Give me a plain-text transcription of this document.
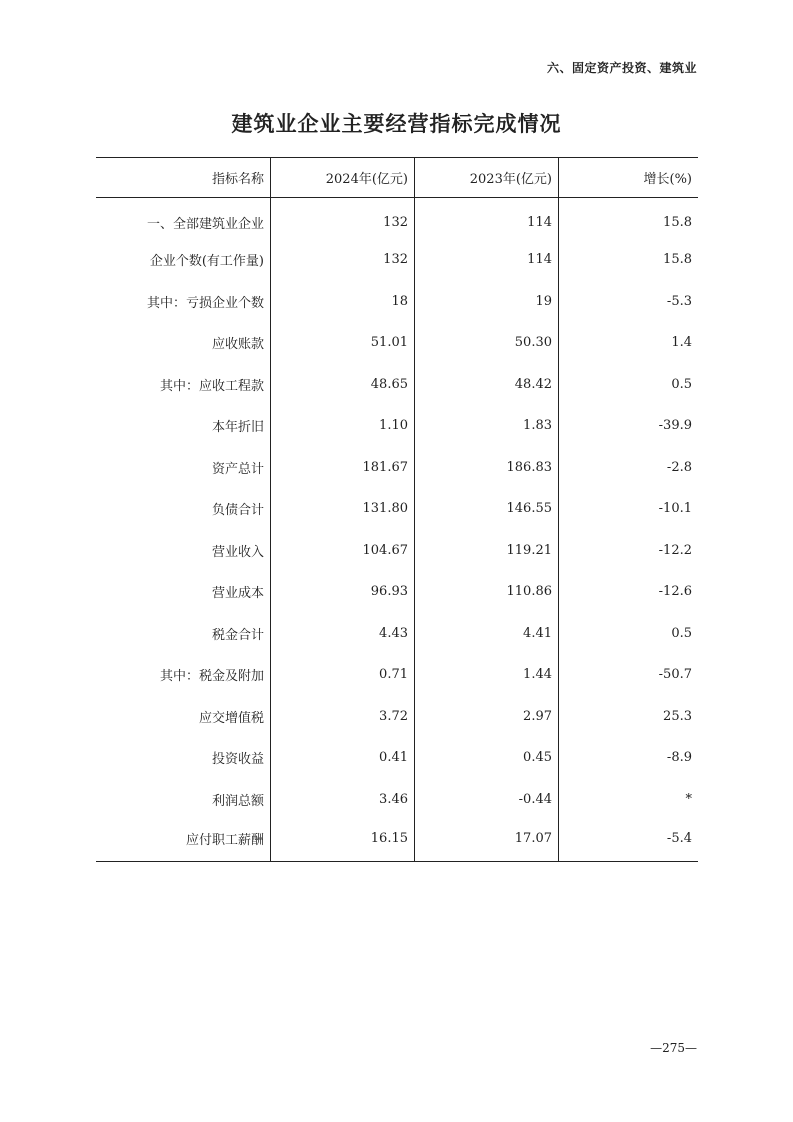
六、固定资产投资、建筑业
建筑业企业主要经营指标完成情况
指标名称	2024年(亿元)	2023年(亿元)	增长(%)
一、全部建筑业企业	132	114	15.8
企业个数(有工作量)	132	114	15.8
其中：亏损企业个数	18	19	-5.3
应收账款	51.01	50.30	1.4
其中：应收工程款	48.65	48.42	0.5
本年折旧	1.10	1.83	-39.9
资产总计	181.67	186.83	-2.8
负债合计	131.80	146.55	-10.1
营业收入	104.67	119.21	-12.2
营业成本	96.93	110.86	-12.6
税金合计	4.43	4.41	0.5
其中：税金及附加	0.71	1.44	-50.7
应交增值税	3.72	2.97	25.3
投资收益	0.41	0.45	-8.9
利润总额	3.46	-0.44	*
应付职工薪酬	16.15	17.07	-5.4
—275—
